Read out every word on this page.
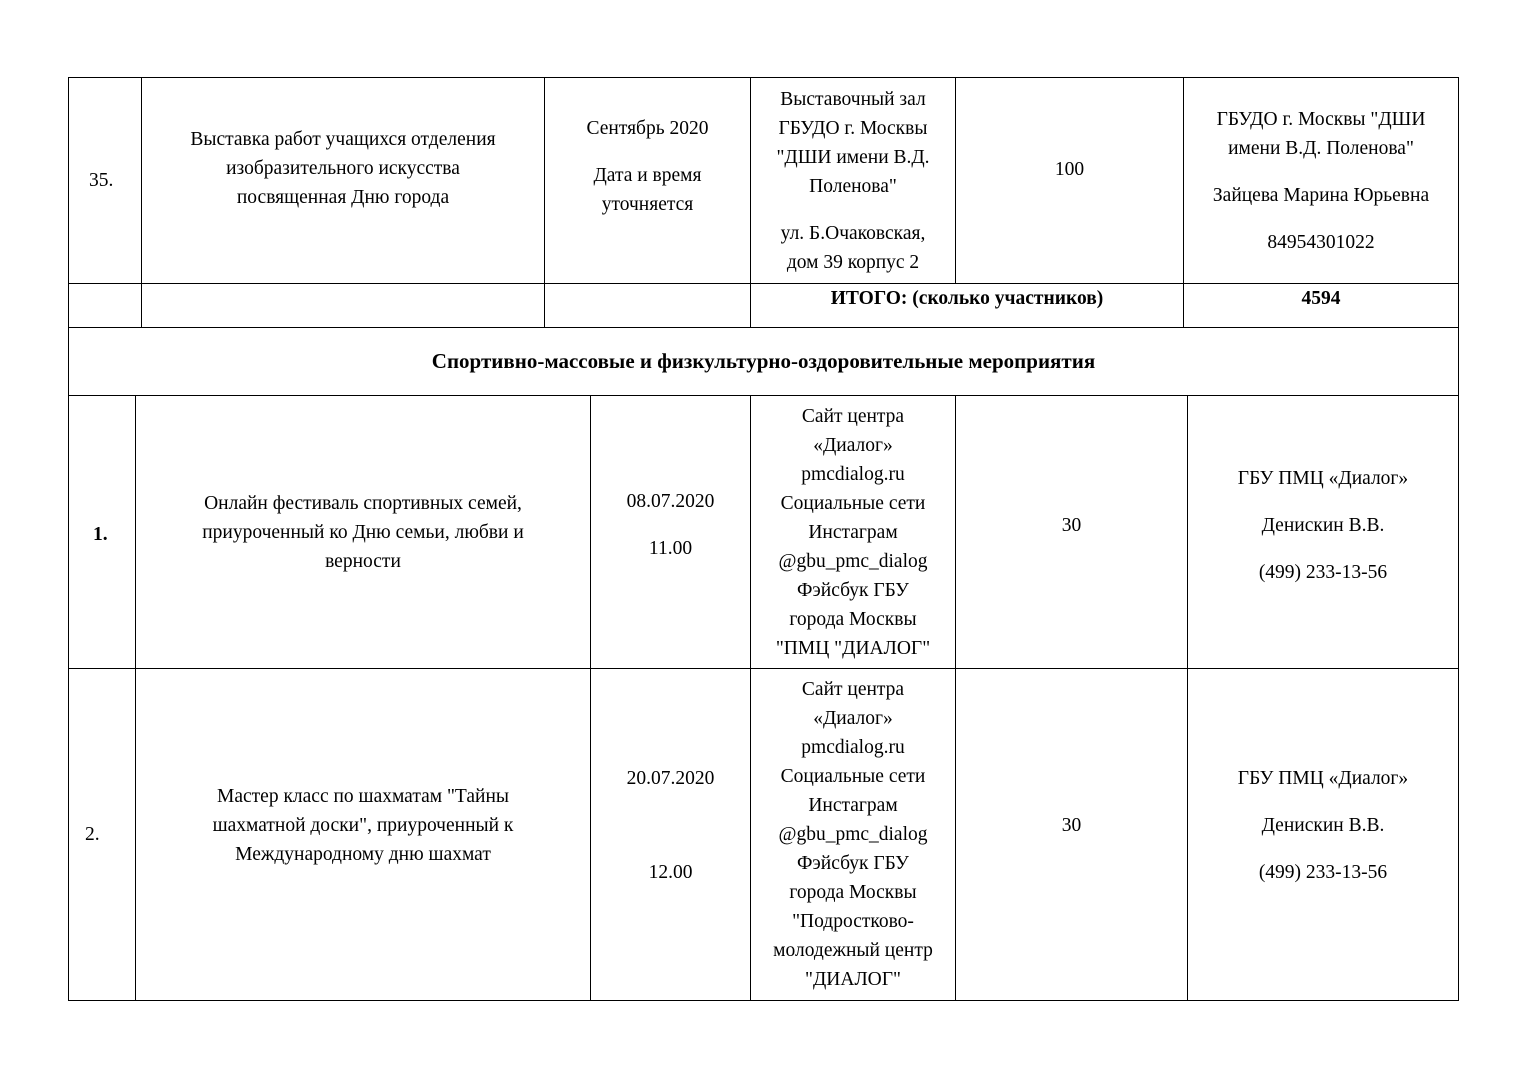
35.

Выставка работ учащихся отделения

изобразительного искусства

посвященная Дню города

Сентябрь 2020

Дата и время

уточняется

Выставочный зал

ГБУДО г. Москвы

"ДШИ имени В.Д.

Поленова"

ул. Б.Очаковская,

дом 39 корпус 2

100

ГБУДО г. Москвы "ДШИ

имени В.Д. Поленова"

Зайцева Марина Юрьевна

84954301022

ИТОГО: (сколько участников)	4594

Спортивно-массовые и физкультурно-оздоровительные мероприятия

1.

Онлайн фестиваль спортивных семей,

приуроченный ко Дню семьи, любви и

верности

08.07.2020

11.00

Сайт центра

«Диалог»

pmcdialog.ru

Социальные сети

Инстаграм

@gbu_pmc_dialog

Фэйсбук ГБУ

города Москвы

"ПМЦ "ДИАЛОГ"

30

ГБУ ПМЦ «Диалог»

Денискин В.В.

(499) 233-13-56

2.

Мастер класс по шахматам "Тайны

шахматной доски", приуроченный к

Международному дню шахмат

20.07.2020

12.00

Сайт центра

«Диалог»

pmcdialog.ru

Социальные сети

Инстаграм

@gbu_pmc_dialog

Фэйсбук ГБУ

города Москвы

"Подростково-

молодежный центр

"ДИАЛОГ"

30

ГБУ ПМЦ «Диалог»

Денискин В.В.

(499) 233-13-56
